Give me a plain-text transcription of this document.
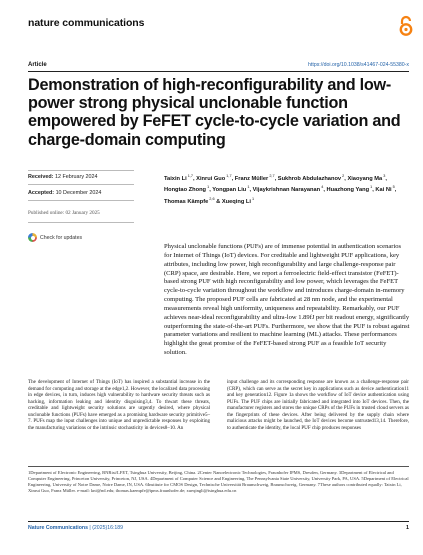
nature communications
Article	https://doi.org/10.1038/s41467-024-55380-x
Demonstration of high-reconfigurability and low-power strong physical unclonable function empowered by FeFET cycle-to-cycle variation and charge-domain computing
Received: 12 February 2024
Accepted: 10 December 2024
Published online: 02 January 2025
Check for updates
Taixin Li $^{1,7}$, Xinrui Guo $^{1,7}$, Franz Müller $^{2,7}$, Sukhrob Abdulazhanov $^2$, Xiaoyang Ma $^3$, Hongtao Zhong $^1$, Yongpan Liu $^1$, Vijaykrishnan Narayanan $^4$, Huazhong Yang $^1$, Kai Ni $^5$, Thomas Kämpfe $^{2,6}$ & Xueqing Li $^1$

Physical unclonable functions (PUFs) are of immense potential in authentication scenarios for Internet of Things (IoT) devices. For creditable and lightweight PUF applications, key attributes, including low power, high reconfigurability and large challenge-response pair (CRP) space, are desirable. Here, we report a ferroelectric field-effect transistor (FeFET)-based strong PUF with high reconfigurability and low power, which leverages the FeFET cycle-to-cycle variation throughout the workflow and introduces charge-domain in-memory computing. The proposed PUF cells are fabricated at 28 nm node, and the experimental measurements reveal high uniformity, uniqueness and repeatability. Remarkably, our PUF achieves near-ideal reconfigurability and ultra-low 1.89fJ per bit readout energy, significantly outperforming the state-of-the-art PUFs. Furthermore, we show that the PUF is robust against parameter variations and resilient to machine learning (ML) attacks. These performances highlight the great promise of the FeFET-based strong PUF as a feasible IoT security solution.

The development of Internet of Things (IoT) has inspired a substantial increase in the demand for computing and storage at the edge1,2. However, the localized data processing in edge devices, in turn, induces high vulnerability to hardware security threats such as hacking, information leaking and identity disguising3,4. To thwart these threats, creditable and lightweight security solutions are urgently desired, where physical unclonable functions (PUFs) have emerged as a promising hardware security primitive5–7. PUFs map the input challenges into unique and unpredictable responses by exploiting the manufacturing variations or the intrinsic stochasticity in devices8–10. An

input challenge and its corresponding response are known as a challenge-response pair (CRP), which can serve as the secret key in applications such as device authentication11 and key generation12. Figure 1a shows the workflow of IoT device authentication using PUFs. The PUF chips are initially fabricated and integrated into IoT devices. Then, the manufacturer registers and stores the unique CRPs of the PUFs in trusted cloud servers as the fingerprints of these devices. After being delivered by the supply chain where malicious attacks might be launched, the IoT devices become untrusted13,14. Therefore, to authenticate the identity, the local PUF chip produces responses

1Department of Electronic Engineering, BNRist/LFET, Tsinghua University, Beijing, China. 2Center Nanoelectronic Technologies, Fraunhofer IPMS, Dresden, Germany. 3Department of Electrical and Computer Engineering, Princeton University, Princeton, NJ, USA. 4Department of Computer Science and Engineering, The Pennsylvania State University, University Park, PA, USA. 5Department of Electrical Engineering, University of Notre Dame, Notre Dame, IN, USA. 6Institute for CMOS Design, Technische Universität Braunschweig, Braunschweig, Germany. 7These authors contributed equally: Taixin Li, Xinrui Guo, Franz Müller. e-mail: kni@nd.edu; thomas.kaempfe@ipms.fraunhofer.de; xueqingli@tsinghua.edu.cn

Nature Communications | (2025)16:189	1
